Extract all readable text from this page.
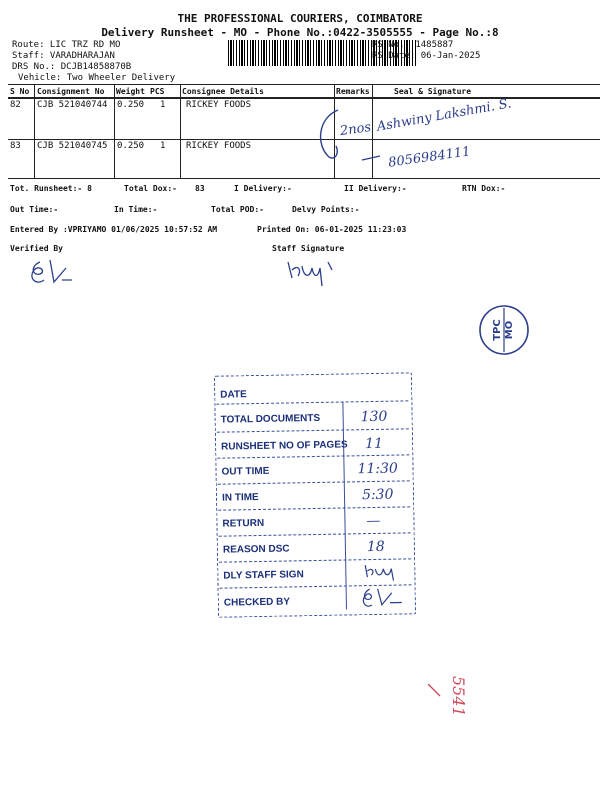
THE PROFESSIONAL COURIERS, COIMBATORE
Delivery Runsheet - MO - Phone No.:0422-3505555 - Page No.:8
Route: LIC TRZ RD MO
Staff: VARADHARAJAN
DRS No.: DCJB14858870B
Vehicle: Two Wheeler Delivery
RS No.: 1485887
RS Date: 06-Jan-2025
S No Consignment No Weight PCS Consignee Details	Remarks	Seal & Signature
82 CJB 521040744 0.250 1 RICKEY FOODS
83 CJB 521040745 0.250 1 RICKEY FOODS
2nos Ashwiny Lakshmi. S.
8056984111
Tot. Runsheet:- 8	Total Dox:- 83	I Delivery:-	II Delivery:-	RTN Dox:-
Out Time:-	In Time:-	Total POD:-	Delvy Points:-
Entered By :VPRIYAMO 01/06/2025 10:57:52 AM	Printed On: 06-01-2025 11:23:03
Verified By	Staff Signature
TPC MO
DATE
TOTAL DOCUMENTS	130
RUNSHEET NO OF PAGES 11
OUT TIME	11:30
IN TIME	5:30
RETURN	—
REASON DSC	18
DLY STAFF SIGN
CHECKED BY
5541
